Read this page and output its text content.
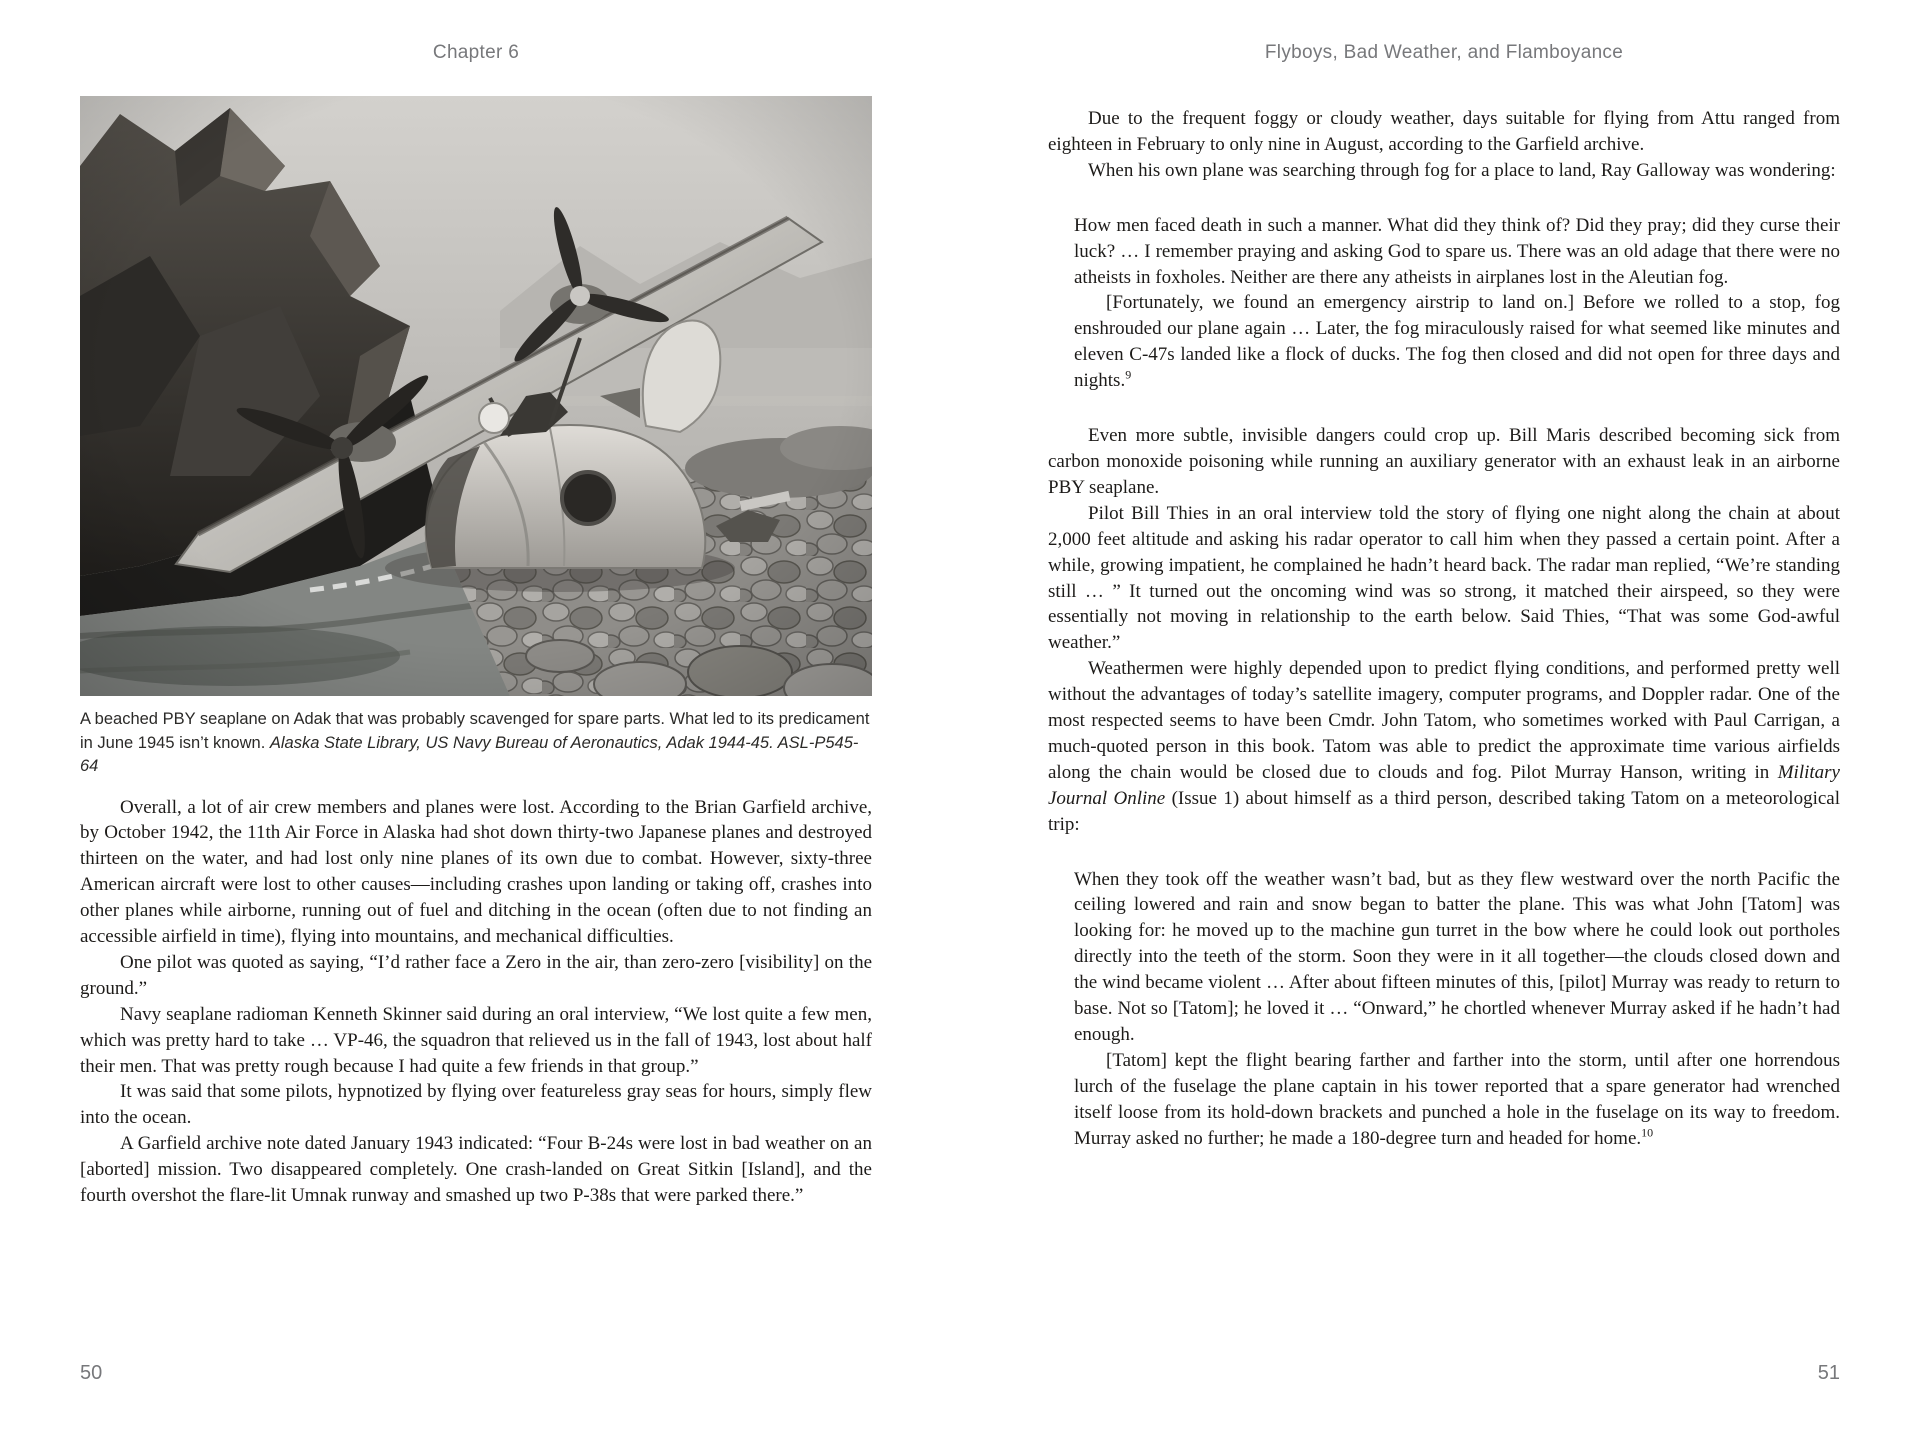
Chapter 6
A beached PBY seaplane on Adak that was probably scavenged for spare parts. What led to its predicament in June 1945 isn’t known. Alaska State Library, US Navy Bureau of Aeronautics, Adak 1944-45. ASL-P545-64

Overall, a lot of air crew members and planes were lost. According to the Brian Garfield archive, by October 1942, the 11th Air Force in Alaska had shot down thirty-two Japanese planes and destroyed thirteen on the water, and had lost only nine planes of its own due to combat. However, sixty-three American aircraft were lost to other causes—including crashes upon landing or taking off, crashes into other planes while airborne, running out of fuel and ditching in the ocean (often due to not finding an accessible airfield in time), flying into mountains, and mechanical difficulties.

One pilot was quoted as saying, “I’d rather face a Zero in the air, than zero-zero [visibility] on the ground.”

Navy seaplane radioman Kenneth Skinner said during an oral interview, “We lost quite a few men, which was pretty hard to take … VP-46, the squadron that relieved us in the fall of 1943, lost about half their men. That was pretty rough because I had quite a few friends in that group.”

It was said that some pilots, hypnotized by flying over featureless gray seas for hours, simply flew into the ocean.

A Garfield archive note dated January 1943 indicated: “Four B-24s were lost in bad weather on an [aborted] mission. Two disappeared completely. One crash-landed on Great Sitkin [Island], and the fourth overshot the flare-lit Umnak runway and smashed up two P-38s that were parked there.”

50
Flyboys, Bad Weather, and Flamboyance

Due to the frequent foggy or cloudy weather, days suitable for flying from Attu ranged from eighteen in February to only nine in August, according to the Garfield archive.

When his own plane was searching through fog for a place to land, Ray Galloway was wondering:

How men faced death in such a manner. What did they think of? Did they pray; did they curse their luck? … I remember praying and asking God to spare us. There was an old adage that there were no atheists in foxholes. Neither are there any atheists in airplanes lost in the Aleutian fog.

[Fortunately, we found an emergency airstrip to land on.] Before we rolled to a stop, fog enshrouded our plane again … Later, the fog miraculously raised for what seemed like minutes and eleven C-47s landed like a flock of ducks. The fog then closed and did not open for three days and nights.$^9$

Even more subtle, invisible dangers could crop up. Bill Maris described becoming sick from carbon monoxide poisoning while running an auxiliary generator with an exhaust leak in an airborne PBY seaplane.

Pilot Bill Thies in an oral interview told the story of flying one night along the chain at about 2,000 feet altitude and asking his radar operator to call him when they passed a certain point. After a while, growing impatient, he complained he hadn’t heard back. The radar man replied, “We’re standing still … ” It turned out the oncoming wind was so strong, it matched their airspeed, so they were essentially not moving in relationship to the earth below. Said Thies, “That was some God-awful weather.”

Weathermen were highly depended upon to predict flying conditions, and performed pretty well without the advantages of today’s satellite imagery, computer programs, and Doppler radar. One of the most respected seems to have been Cmdr. John Tatom, who sometimes worked with Paul Carrigan, a much-quoted person in this book. Tatom was able to predict the approximate time various airfields along the chain would be closed due to clouds and fog. Pilot Murray Hanson, writing in Military Journal Online (Issue 1) about himself as a third person, described taking Tatom on a meteorological trip:

When they took off the weather wasn’t bad, but as they flew westward over the north Pacific the ceiling lowered and rain and snow began to batter the plane. This was what John [Tatom] was looking for: he moved up to the machine gun turret in the bow where he could look out portholes directly into the teeth of the storm. Soon they were in it all together—the clouds closed down and the wind became violent … After about fifteen minutes of this, [pilot] Murray was ready to return to base. Not so [Tatom]; he loved it … “Onward,” he chortled whenever Murray asked if he hadn’t had enough.

[Tatom] kept the flight bearing farther and farther into the storm, until after one horrendous lurch of the fuselage the plane captain in his tower reported that a spare generator had wrenched itself loose from its hold-down brackets and punched a hole in the fuselage on its way to freedom. Murray asked no further; he made a 180-degree turn and headed for home.$^{10}$

51
